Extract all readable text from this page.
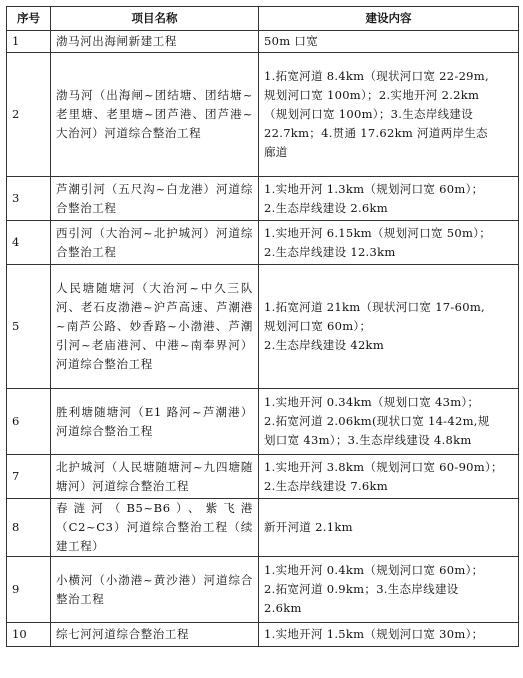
序号	项目名称	建设内容
1	渤马河出海闸新建工程	50m 口宽

2	渤马河（出海闸~团结塘、团结塘~老里塘、老里塘~团芦港、团芦港~大治河）河道综合整治工程	1.拓宽河道 8.4km（现状河口宽 22-29m,
规划河口宽 100m）；2.实地开河 2.2km
（规划河口宽 100m）；3.生态岸线建设
22.7km；4.贯通 17.62km 河道两岸生态
廊道

3	芦潮引河（五尺沟~白龙港）河道综合整治工程	1.实地开河 1.3km（规划河口宽 60m）；
2.生态岸线建设 2.6km

4	西引河（大治河~北护城河）河道综合整治工程	1.实地开河 6.15km（规划河口宽 50m）；
2.生态岸线建设 12.3km

5	人民塘随塘河（大治河~中久三队河、老石皮渤港~沪芦高速、芦潮港~南芦公路、妙香路~小渤港、芦潮引河~老庙港河、中港~南奉界河）河道综合整治工程	1.拓宽河道 21km（现状河口宽 17-60m,
规划河口宽 60m）；
2.生态岸线建设 42km

6	胜利塘随塘河（E1 路河~芦潮港）河道综合整治工程	1.实地开河 0.34km（规划口宽 43m）；
2.拓宽河道 2.06km(现状口宽 14-42m,规
划口宽 43m）；3.生态岸线建设 4.8km

7	北护城河（人民塘随塘河~九四塘随塘河）河道综合整治工程	1.实地开河 3.8km（规划河口宽 60-90m）；
2.生态岸线建设 7.6km

8	春涟河（B5~B6）、紫飞港（C2~C3）河道综合整治工程（续建工程）	新开河道 2.1km

9	小横河（小渤港~黄沙港）河道综合整治工程	1.实地开河 0.4km（规划河口宽 60m）；
2.拓宽河道 0.9km；3.生态岸线建设
2.6km

10	综七河河道综合整治工程	1.实地开河 1.5km（规划河口宽 30m）；
